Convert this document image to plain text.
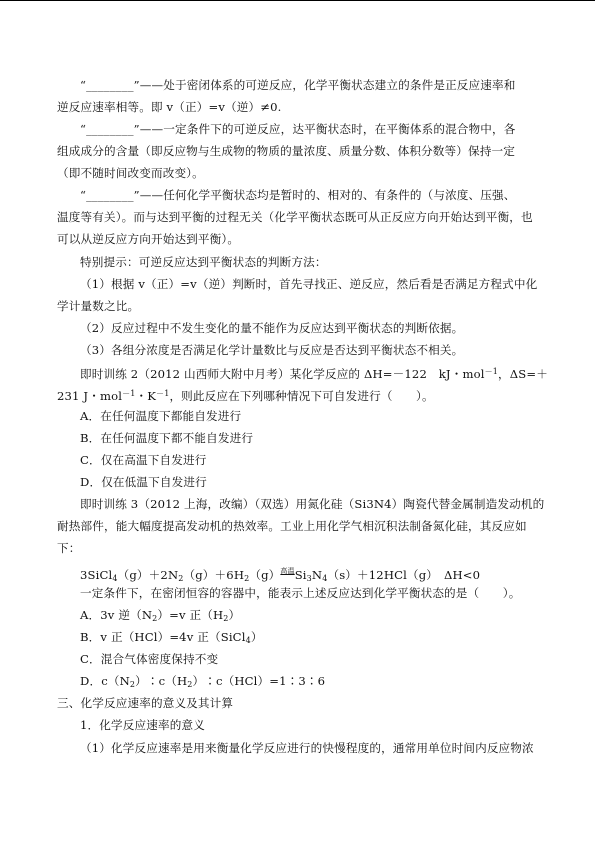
“________”——处于密闭体系的可逆反应，化学平衡状态建立的条件是正反应速率和
逆反应速率相等。即 v（正）=v（逆）≠0.
“________”——一定条件下的可逆反应，达平衡状态时，在平衡体系的混合物中，各
组成成分的含量（即反应物与生成物的物质的量浓度、质量分数、体积分数等）保持一定
（即不随时间改变而改变）。
“________”——任何化学平衡状态均是暂时的、相对的、有条件的（与浓度、压强、
温度等有关）。而与达到平衡的过程无关（化学平衡状态既可从正反应方向开始达到平衡，也
可以从逆反应方向开始达到平衡）。
特别提示：可逆反应达到平衡状态的判断方法：
（1）根据 v（正）=v（逆）判断时，首先寻找正、逆反应，然后看是否满足方程式中化
学计量数之比。
（2）反应过程中不发生变化的量不能作为反应达到平衡状态的判断依据。
（3）各组分浓度是否满足化学计量数比与反应是否达到平衡状态不相关。
即时训练 2（2012 山西师大附中月考）某化学反应的 ΔH=－122　kJ・mol$^{-1}$，ΔS=＋
231 J・mol$^{-1}$・$K^{-1}$，则此反应在下列哪种情况下可自发进行（　　）。
A．在任何温度下都能自发进行
B．在任何温度下都不能自发进行
C．仅在高温下自发进行
D．仅在低温下自发进行
即时训练 3（2012 上海，改编）（双选）用氮化硅（Si3N4）陶瓷代替金属制造发动机的
耐热部件，能大幅度提高发动机的热效率。工业上用化学气相沉积法制备氮化硅，其反应如
下：
$3SiCl_4(g)+2N_2(g)+6H_2(g)^{高温}Si_3N_4(s)+12HCl(g)$　ΔH<0
一定条件下，在密闭恒容的容器中，能表示上述反应达到化学平衡状态的是（　　）。
A．3v 逆$(N_2)=v$ 正$(H_2)$
B．v 正（HCl）=4v 正（SiCl$_4$）
C．混合气体密度保持不变
D．$c(N_2)∶c(H_2)∶c(HCl)=1∶3∶6$
三、化学反应速率的意义及其计算
1．化学反应速率的意义
（1）化学反应速率是用来衡量化学反应进行的快慢程度的，通常用单位时间内反应物浓
